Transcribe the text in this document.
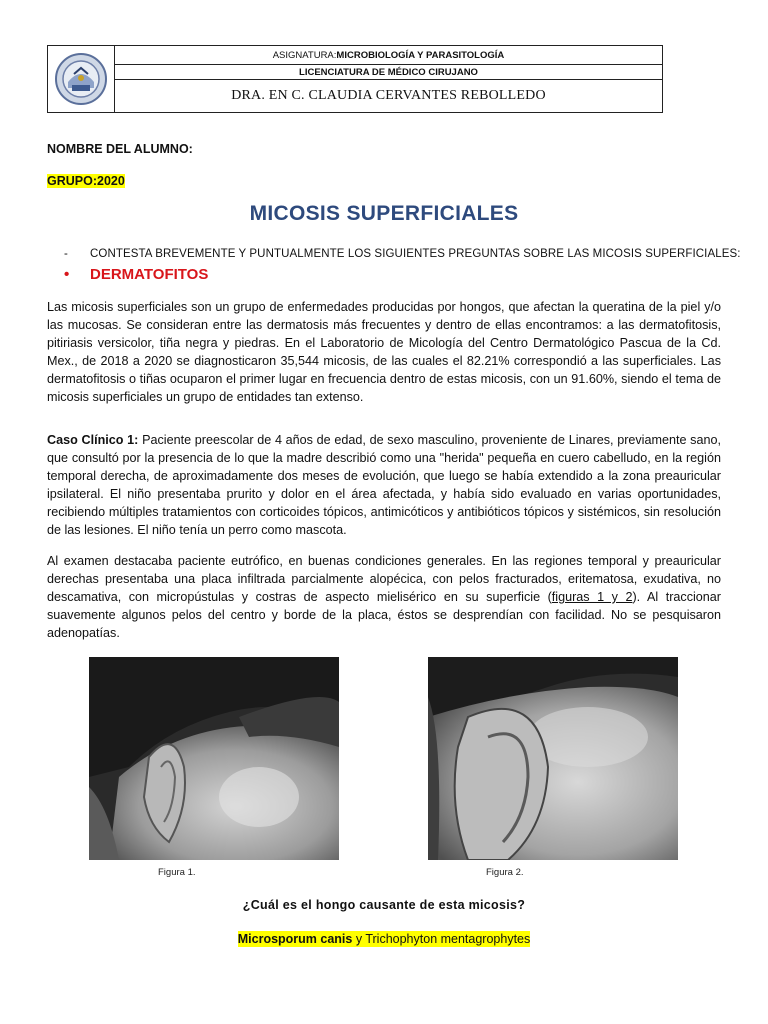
ASIGNATURA: MICROBIOLOGÍA Y PARASITOLOGÍA
LICENCIATURA DE MÉDICO CIRUJANO
DRA. EN C. CLAUDIA CERVANTES REBOLLEDO
NOMBRE DEL ALUMNO:
GRUPO:2020
MICOSIS SUPERFICIALES
- CONTESTA BREVEMENTE Y PUNTUALMENTE LOS SIGUIENTES PREGUNTAS SOBRE LAS MICOSIS SUPERFICIALES:
• DERMATOFITOS
Las micosis superficiales son un grupo de enfermedades producidas por hongos, que afectan la queratina de la piel y/o las mucosas. Se consideran entre las dermatosis más frecuentes y dentro de ellas encontramos: a las dermatofitosis, pitiriasis versicolor, tiña negra y piedras. En el Laboratorio de Micología del Centro Dermatológico Pascua de la Cd. Mex., de 2018 a 2020 se diagnosticaron 35,544 micosis, de las cuales el 82.21% correspondió a las superficiales. Las dermatofitosis o tiñas ocuparon el primer lugar en frecuencia dentro de estas micosis, con un 91.60%, siendo el tema de micosis superficiales un grupo de entidades tan extenso.
Caso Clínico 1: Paciente preescolar de 4 años de edad, de sexo masculino, proveniente de Linares, previamente sano, que consultó por la presencia de lo que la madre describió como una "herida" pequeña en cuero cabelludo, en la región temporal derecha, de aproximadamente dos meses de evolución, que luego se había extendido a la zona preauricular ipsilateral. El niño presentaba prurito y dolor en el área afectada, y había sido evaluado en varias oportunidades, recibiendo múltiples tratamientos con corticoides tópicos, antimicóticos y antibióticos tópicos y sistémicos, sin resolución de las lesiones. El niño tenía un perro como mascota.
Al examen destacaba paciente eutrófico, en buenas condiciones generales. En las regiones temporal y preauricular derechas presentaba una placa infiltrada parcialmente alopécica, con pelos fracturados, eritematosa, exudativa, no descamativa, con micropústulas y costras de aspecto mielisérico en su superficie (figuras 1 y 2). Al traccionar suavemente algunos pelos del centro y borde de la placa, éstos se desprendían con facilidad. No se pesquisaron adenopatías.
Figura 1.	Figura 2.
¿Cuál es el hongo causante de esta micosis?
Microsporum canis y Trichophyton mentagrophytes
